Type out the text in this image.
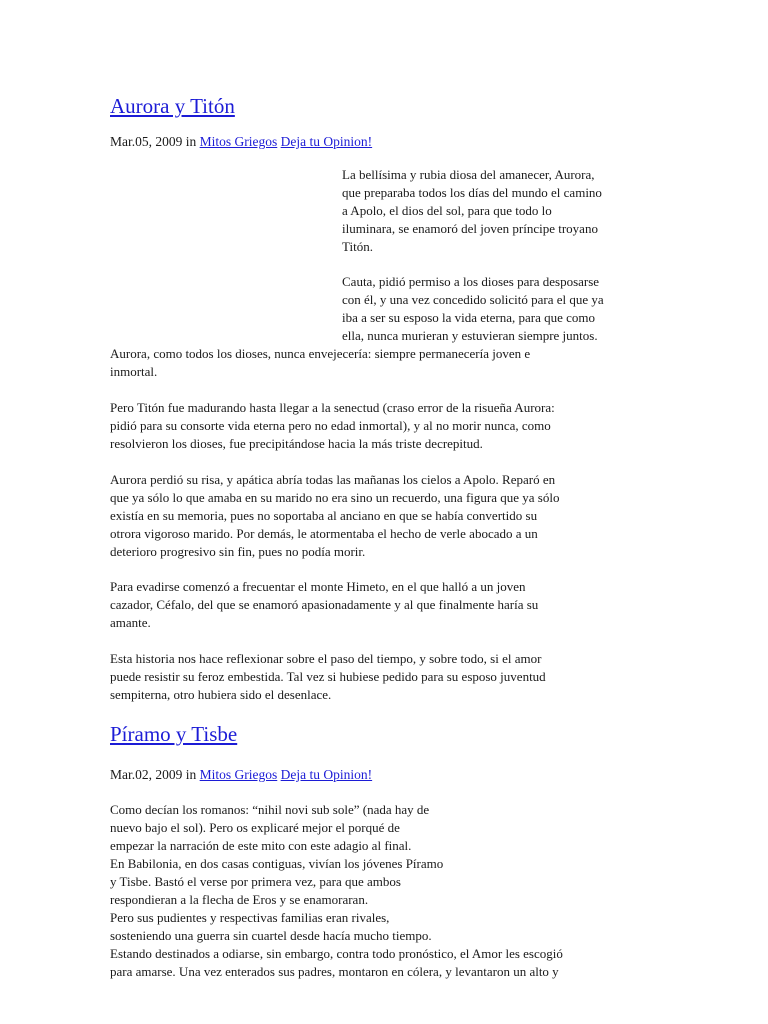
Aurora y Titón
Mar.05, 2009 in Mitos Griegos Deja tu Opinion!
La bellísima y rubia diosa del amanecer, Aurora,
que preparaba todos los días del mundo el camino
a Apolo, el dios del sol, para que todo lo
iluminara, se enamoró del joven príncipe troyano
Titón.
Cauta, pidió permiso a los dioses para desposarse
con él, y una vez concedido solicitó para el que ya
iba a ser su esposo la vida eterna, para que como
ella, nunca murieran y estuvieran siempre juntos.
Aurora, como todos los dioses, nunca envejecería: siempre permanecería joven e
inmortal.
Pero Titón fue madurando hasta llegar a la senectud (craso error de la risueña Aurora:
pidió para su consorte vida eterna pero no edad inmortal), y al no morir nunca, como
resolvieron los dioses, fue precipitándose hacia la más triste decrepitud.
Aurora perdió su risa, y apática abría todas las mañanas los cielos a Apolo. Reparó en
que ya sólo lo que amaba en su marido no era sino un recuerdo, una figura que ya sólo
existía en su memoria, pues no soportaba al anciano en que se había convertido su
otrora vigoroso marido. Por demás, le atormentaba el hecho de verle abocado a un
deterioro progresivo sin fin, pues no podía morir.
Para evadirse comenzó a frecuentar el monte Himeto, en el que halló a un joven
cazador, Céfalo, del que se enamoró apasionadamente y al que finalmente haría su
amante.
Esta historia nos hace reflexionar sobre el paso del tiempo, y sobre todo, si el amor
puede resistir su feroz embestida. Tal vez si hubiese pedido para su esposo juventud
sempiterna, otro hubiera sido el desenlace.
Píramo y Tisbe
Mar.02, 2009 in Mitos Griegos Deja tu Opinion!
Como decían los romanos: “nihil novi sub sole” (nada hay de
nuevo bajo el sol). Pero os explicaré mejor el porqué de
empezar la narración de este mito con este adagio al final.
En Babilonia, en dos casas contiguas, vivían los jóvenes Píramo
y Tisbe. Bastó el verse por primera vez, para que ambos
respondieran a la flecha de Eros y se enamoraran.
Pero sus pudientes y respectivas familias eran rivales,
sosteniendo una guerra sin cuartel desde hacía mucho tiempo.
Estando destinados a odiarse, sin embargo, contra todo pronóstico, el Amor les escogió
para amarse. Una vez enterados sus padres, montaron en cólera, y levantaron un alto y
